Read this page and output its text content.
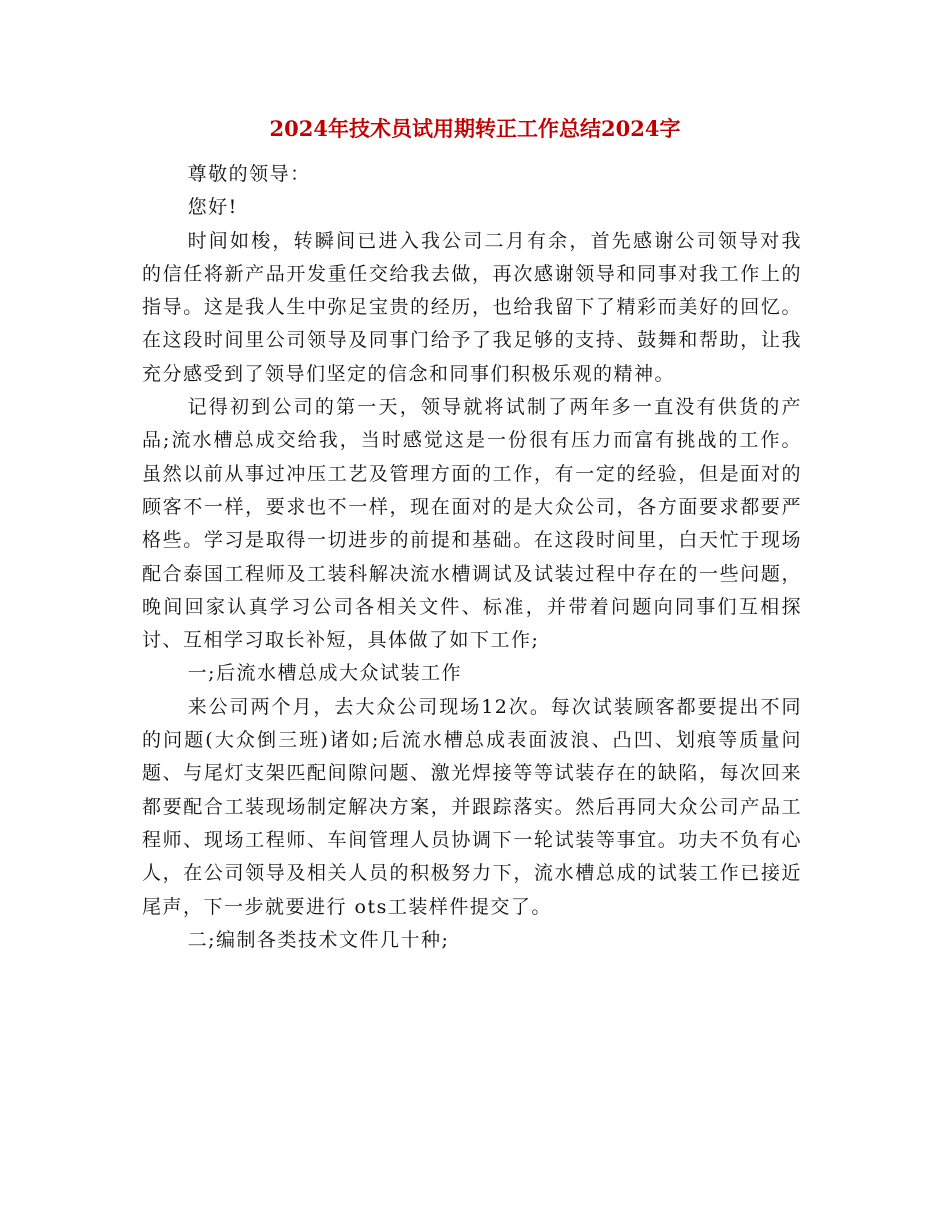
2024年技术员试用期转正工作总结2024字

尊敬的领导：

您好!

时间如梭，转瞬间已进入我公司二月有余，首先感谢公司领导对我的信任将新产品开发重任交给我去做，再次感谢领导和同事对我工作上的指导。这是我人生中弥足宝贵的经历，也给我留下了精彩而美好的回忆。在这段时间里公司领导及同事门给予了我足够的支持、鼓舞和帮助，让我充分感受到了领导们坚定的信念和同事们积极乐观的精神。

记得初到公司的第一天，领导就将试制了两年多一直没有供货的产品;流水槽总成交给我，当时感觉这是一份很有压力而富有挑战的工作。虽然以前从事过冲压工艺及管理方面的工作，有一定的经验，但是面对的顾客不一样，要求也不一样，现在面对的是大众公司，各方面要求都要严格些。学习是取得一切进步的前提和基础。在这段时间里，白天忙于现场配合泰国工程师及工装科解决流水槽调试及试装过程中存在的一些问题，晚间回家认真学习公司各相关文件、标准，并带着问题向同事们互相探讨、互相学习取长补短，具体做了如下工作;

一;后流水槽总成大众试装工作

来公司两个月，去大众公司现场12次。每次试装顾客都要提出不同的问题(大众倒三班)诸如;后流水槽总成表面波浪、凸凹、划痕等质量问题、与尾灯支架匹配间隙问题、激光焊接等等试装存在的缺陷，每次回来都要配合工装现场制定解决方案，并跟踪落实。然后再同大众公司产品工程师、现场工程师、车间管理人员协调下一轮试装等事宜。功夫不负有心人，在公司领导及相关人员的积极努力下，流水槽总成的试装工作已接近尾声，下一步就要进行 ots工装样件提交了。

二;编制各类技术文件几十种;
